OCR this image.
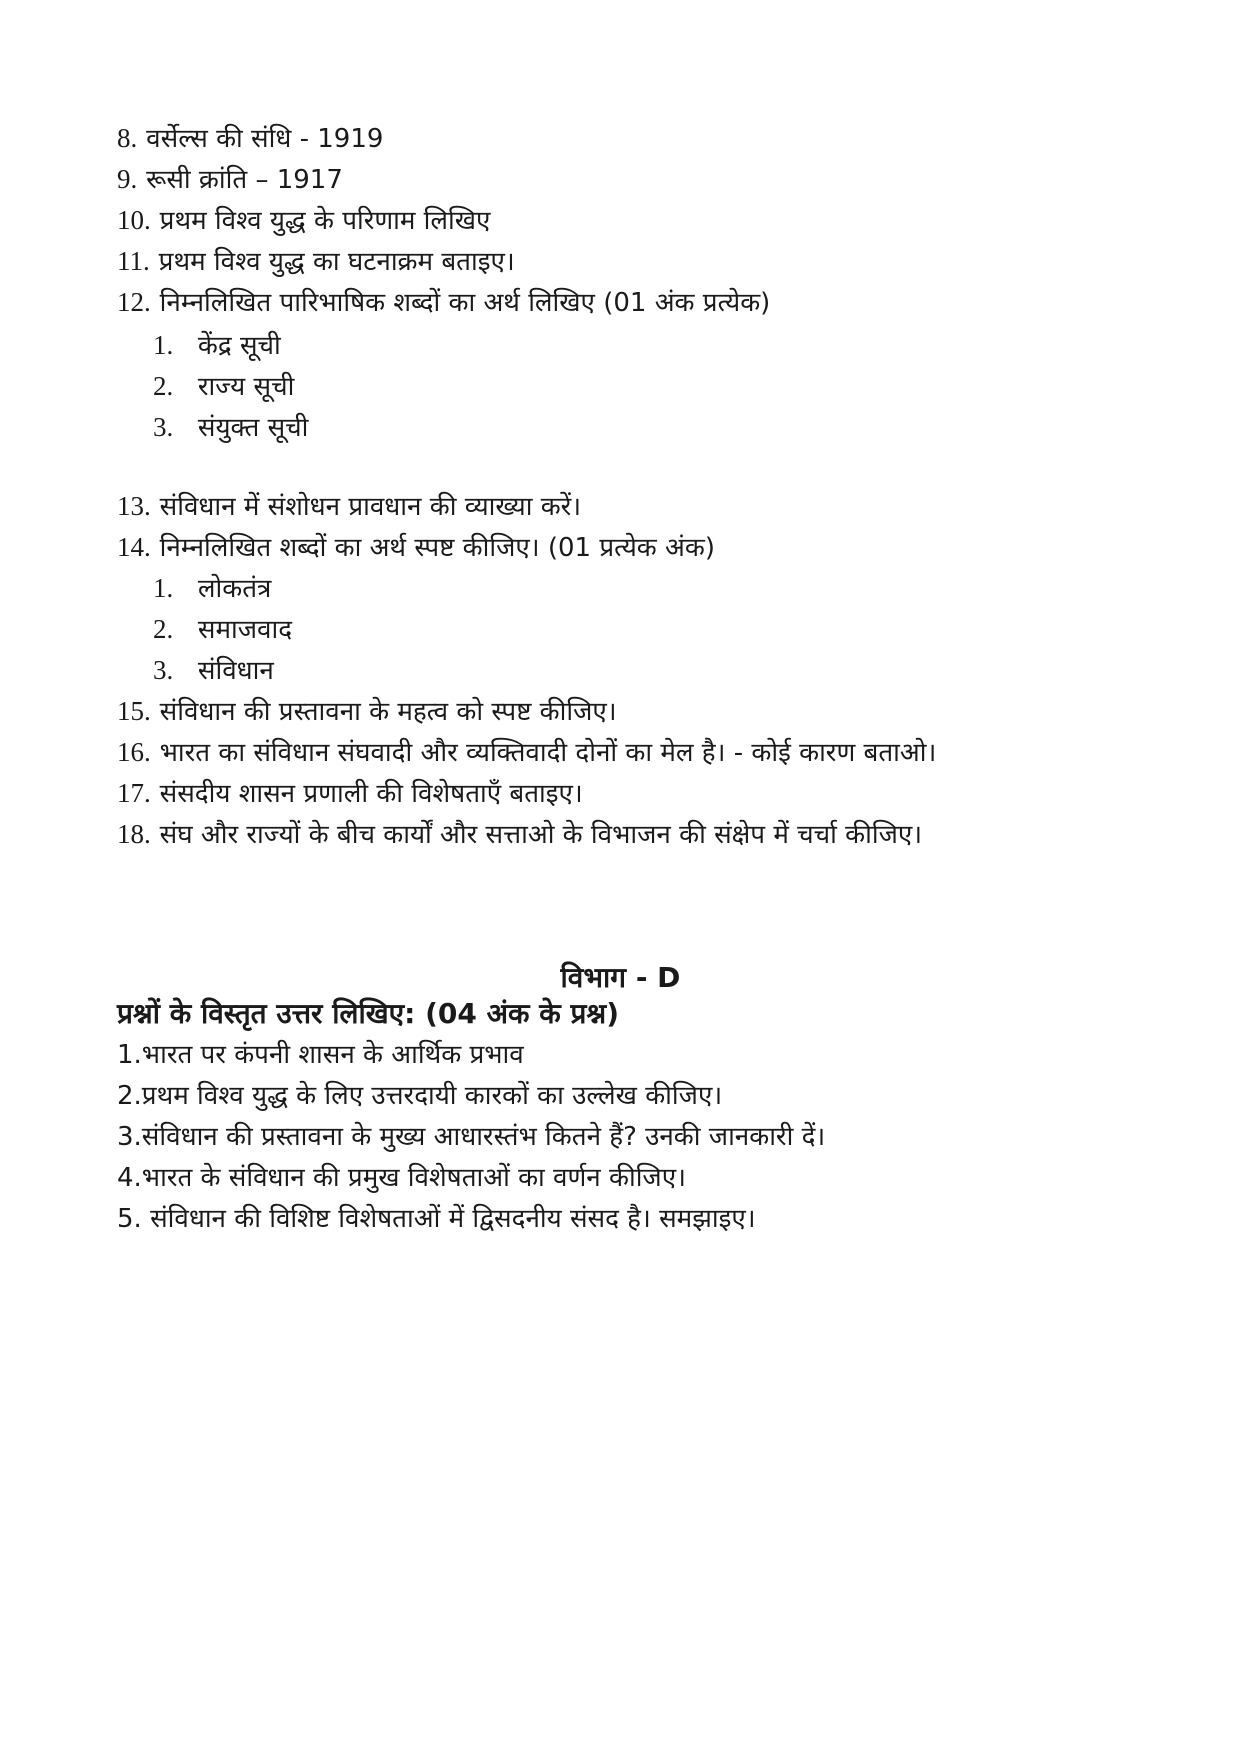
8. वर्सेल्स की संधि - 1919
9. रूसी क्रांति – 1917
10. प्रथम विश्व युद्ध के परिणाम लिखिए
11. प्रथम विश्व युद्ध का घटनाक्रम बताइए।
12. निम्नलिखित पारिभाषिक शब्दों का अर्थ लिखिए (01 अंक प्रत्येक)
1. केंद्र सूची
2. राज्य सूची
3. संयुक्त सूची
13. संविधान में संशोधन प्रावधान की व्याख्या करें।
14. निम्नलिखित शब्दों का अर्थ स्पष्ट कीजिए। (01 प्रत्येक अंक)
1. लोकतंत्र
2. समाजवाद
3. संविधान
15. संविधान की प्रस्तावना के महत्व को स्पष्ट कीजिए।
16. भारत का संविधान संघवादी और व्यक्तिवादी दोनों का मेल है। - कोई कारण बताओ।
17. संसदीय शासन प्रणाली की विशेषताएँ बताइए।
18. संघ और राज्यों के बीच कार्यों और सत्ताओ के विभाजन की संक्षेप में चर्चा कीजिए।
विभाग - D
प्रश्नों के विस्तृत उत्तर लिखिए: (04 अंक के प्रश्न)
1.भारत पर कंपनी शासन के आर्थिक प्रभाव
2.प्रथम विश्व युद्ध के लिए उत्तरदायी कारकों का उल्लेख कीजिए।
3.संविधान की प्रस्तावना के मुख्य आधारस्तंभ कितने हैं? उनकी जानकारी दें।
4.भारत के संविधान की प्रमुख विशेषताओं का वर्णन कीजिए।
5. संविधान की विशिष्ट विशेषताओं में द्विसदनीय संसद है। समझाइए।
